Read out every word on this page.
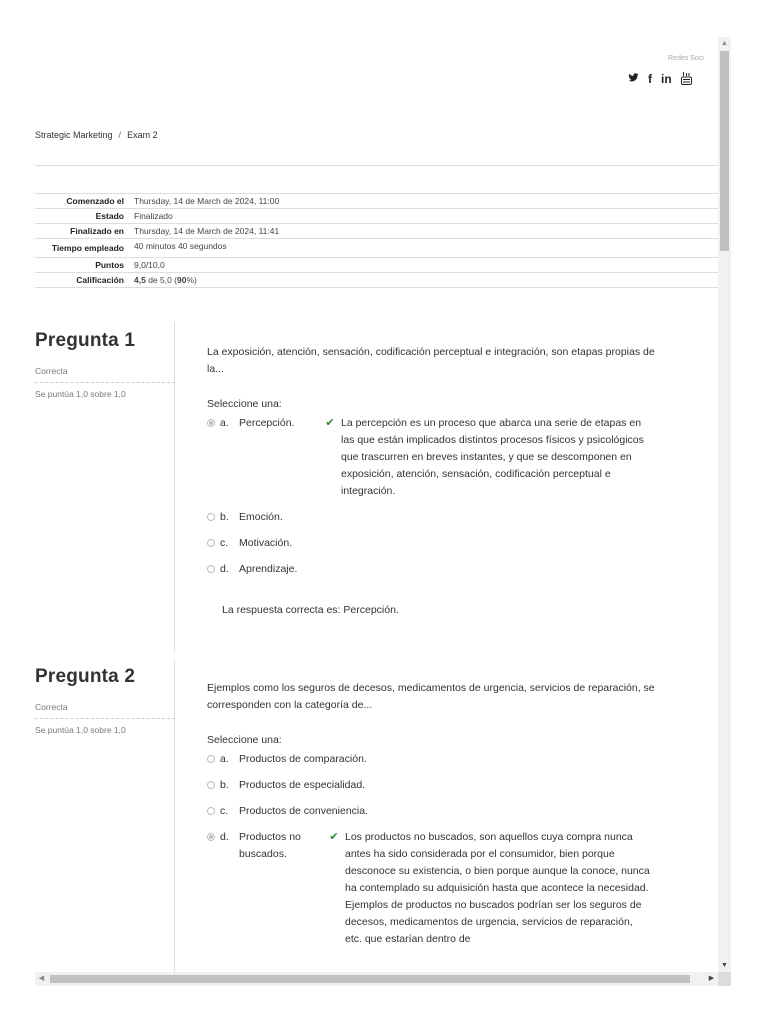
Redes Soci
f in
Strategic Marketing / Exam 2
Comenzado el	Thursday, 14 de March de 2024, 11:00
Estado	Finalizado
Finalizado en	Thursday, 14 de March de 2024, 11:41
Tiempo empleado	40 minutos 40 segundos
Puntos	9,0/10,0
Calificación	4,5 de 5,0 (90%)
Pregunta 1
Correcta
Se puntúa 1,0 sobre 1,0
La exposición, atención, sensación, codificación perceptual e integración, son etapas propias de la...
Seleccione una:
a. Percepción.	✔ La percepción es un proceso que abarca una serie de etapas en las que están implicados distintos procesos físicos y psicológicos que trascurren en breves instantes, y que se descomponen en exposición, atención, sensación, codificación perceptual e integración.
b. Emoción.
c.	Motivación.
d. Aprendizaje.
La respuesta correcta es: Percepción.
Pregunta 2
Correcta
Se puntúa 1,0 sobre 1,0
Ejemplos como los seguros de decesos, medicamentos de urgencia, servicios de reparación, se corresponden con la categoría de...
Seleccione una:
a. Productos de comparación.
b. Productos de especialidad.
c.	Productos de conveniencia.
d. Productos no buscados.
✔ Los productos no buscados, son aquellos cuya compra nunca antes ha sido considerada por el consumidor, bien porque desconoce su existencia, o bien porque aunque la conoce, nunca ha contemplado su adquisición hasta que acontece la necesidad. Ejemplos de productos no buscados podrían ser los seguros de decesos, medicamentos de urgencia, servicios de reparación, etc. que estarían dentro de
▲
▼
◀	▶
